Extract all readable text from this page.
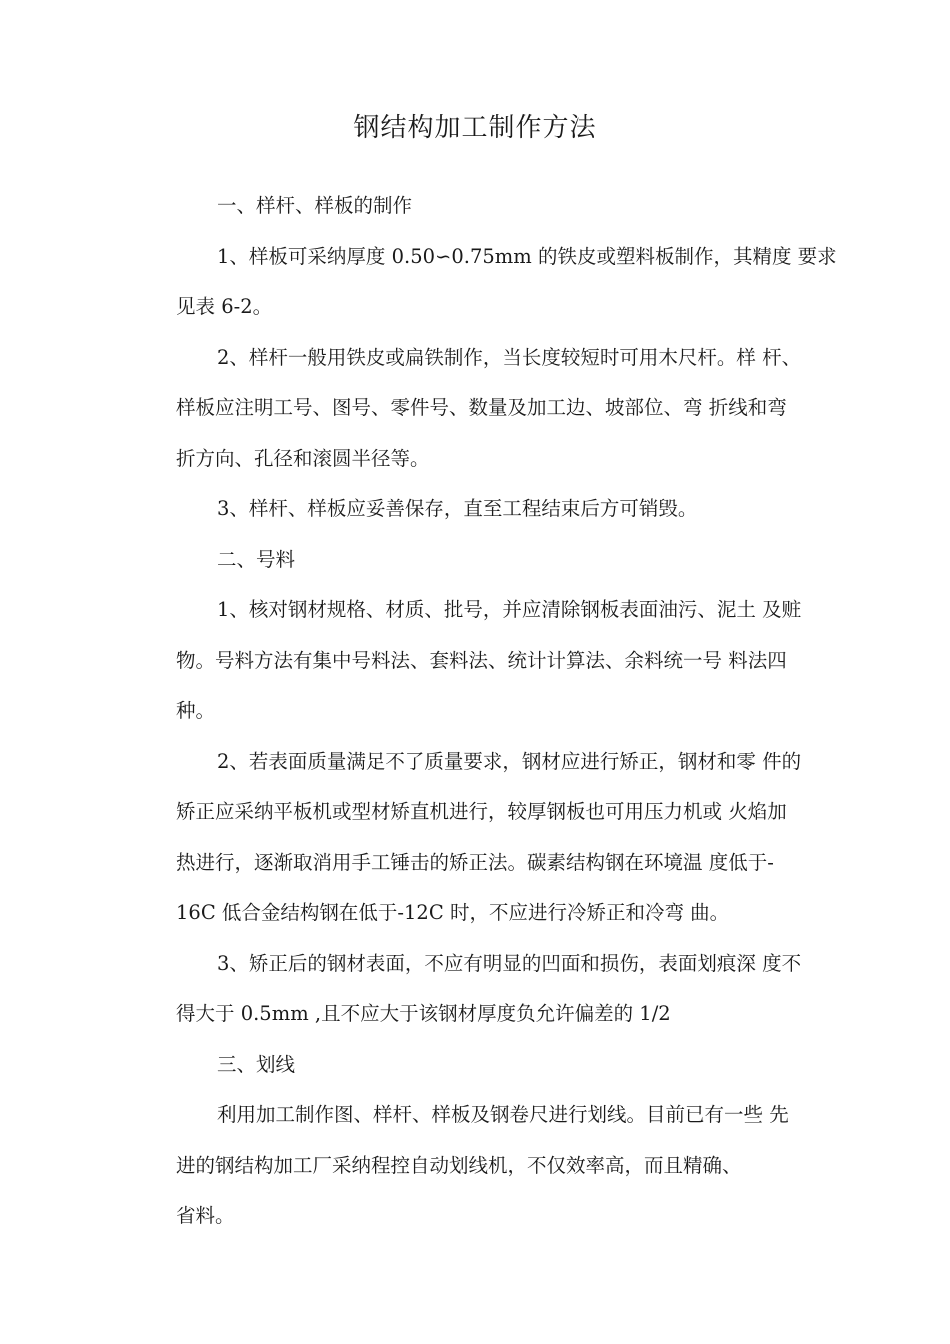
钢结构加工制作方法
一、样杆、样板的制作
1、样板可采纳厚度 0.50∽0.75mm 的铁皮或塑料板制作，其精度 要求
见表 6-2。
2、样杆一般用铁皮或扁铁制作，当长度较短时可用木尺杆。样 杆、
样板应注明工号、图号、零件号、数量及加工边、坡部位、弯 折线和弯
折方向、孔径和滚圆半径等。
3、样杆、样板应妥善保存，直至工程结束后方可销毁。
二、号料
1、核对钢材规格、材质、批号，并应清除钢板表面油污、泥土 及赃
物。号料方法有集中号料法、套料法、统计计算法、余料统一号 料法四
种。
2、若表面质量满足不了质量要求，钢材应进行矫正，钢材和零 件的
矫正应采纳平板机或型材矫直机进行，较厚钢板也可用压力机或 火焰加
热进行，逐渐取消用手工锤击的矫正法。碳素结构钢在环境温 度低于-
16C 低合金结构钢在低于-12C 时，不应进行冷矫正和冷弯 曲。
3、矫正后的钢材表面，不应有明显的凹面和损伤，表面划痕深 度不
得大于 0.5mm ,且不应大于该钢材厚度负允许偏差的 1/2
三、划线
利用加工制作图、样杆、样板及钢卷尺进行划线。目前已有一些 先
进的钢结构加工厂采纳程控自动划线机，不仅效率高，而且精确、
省料。
